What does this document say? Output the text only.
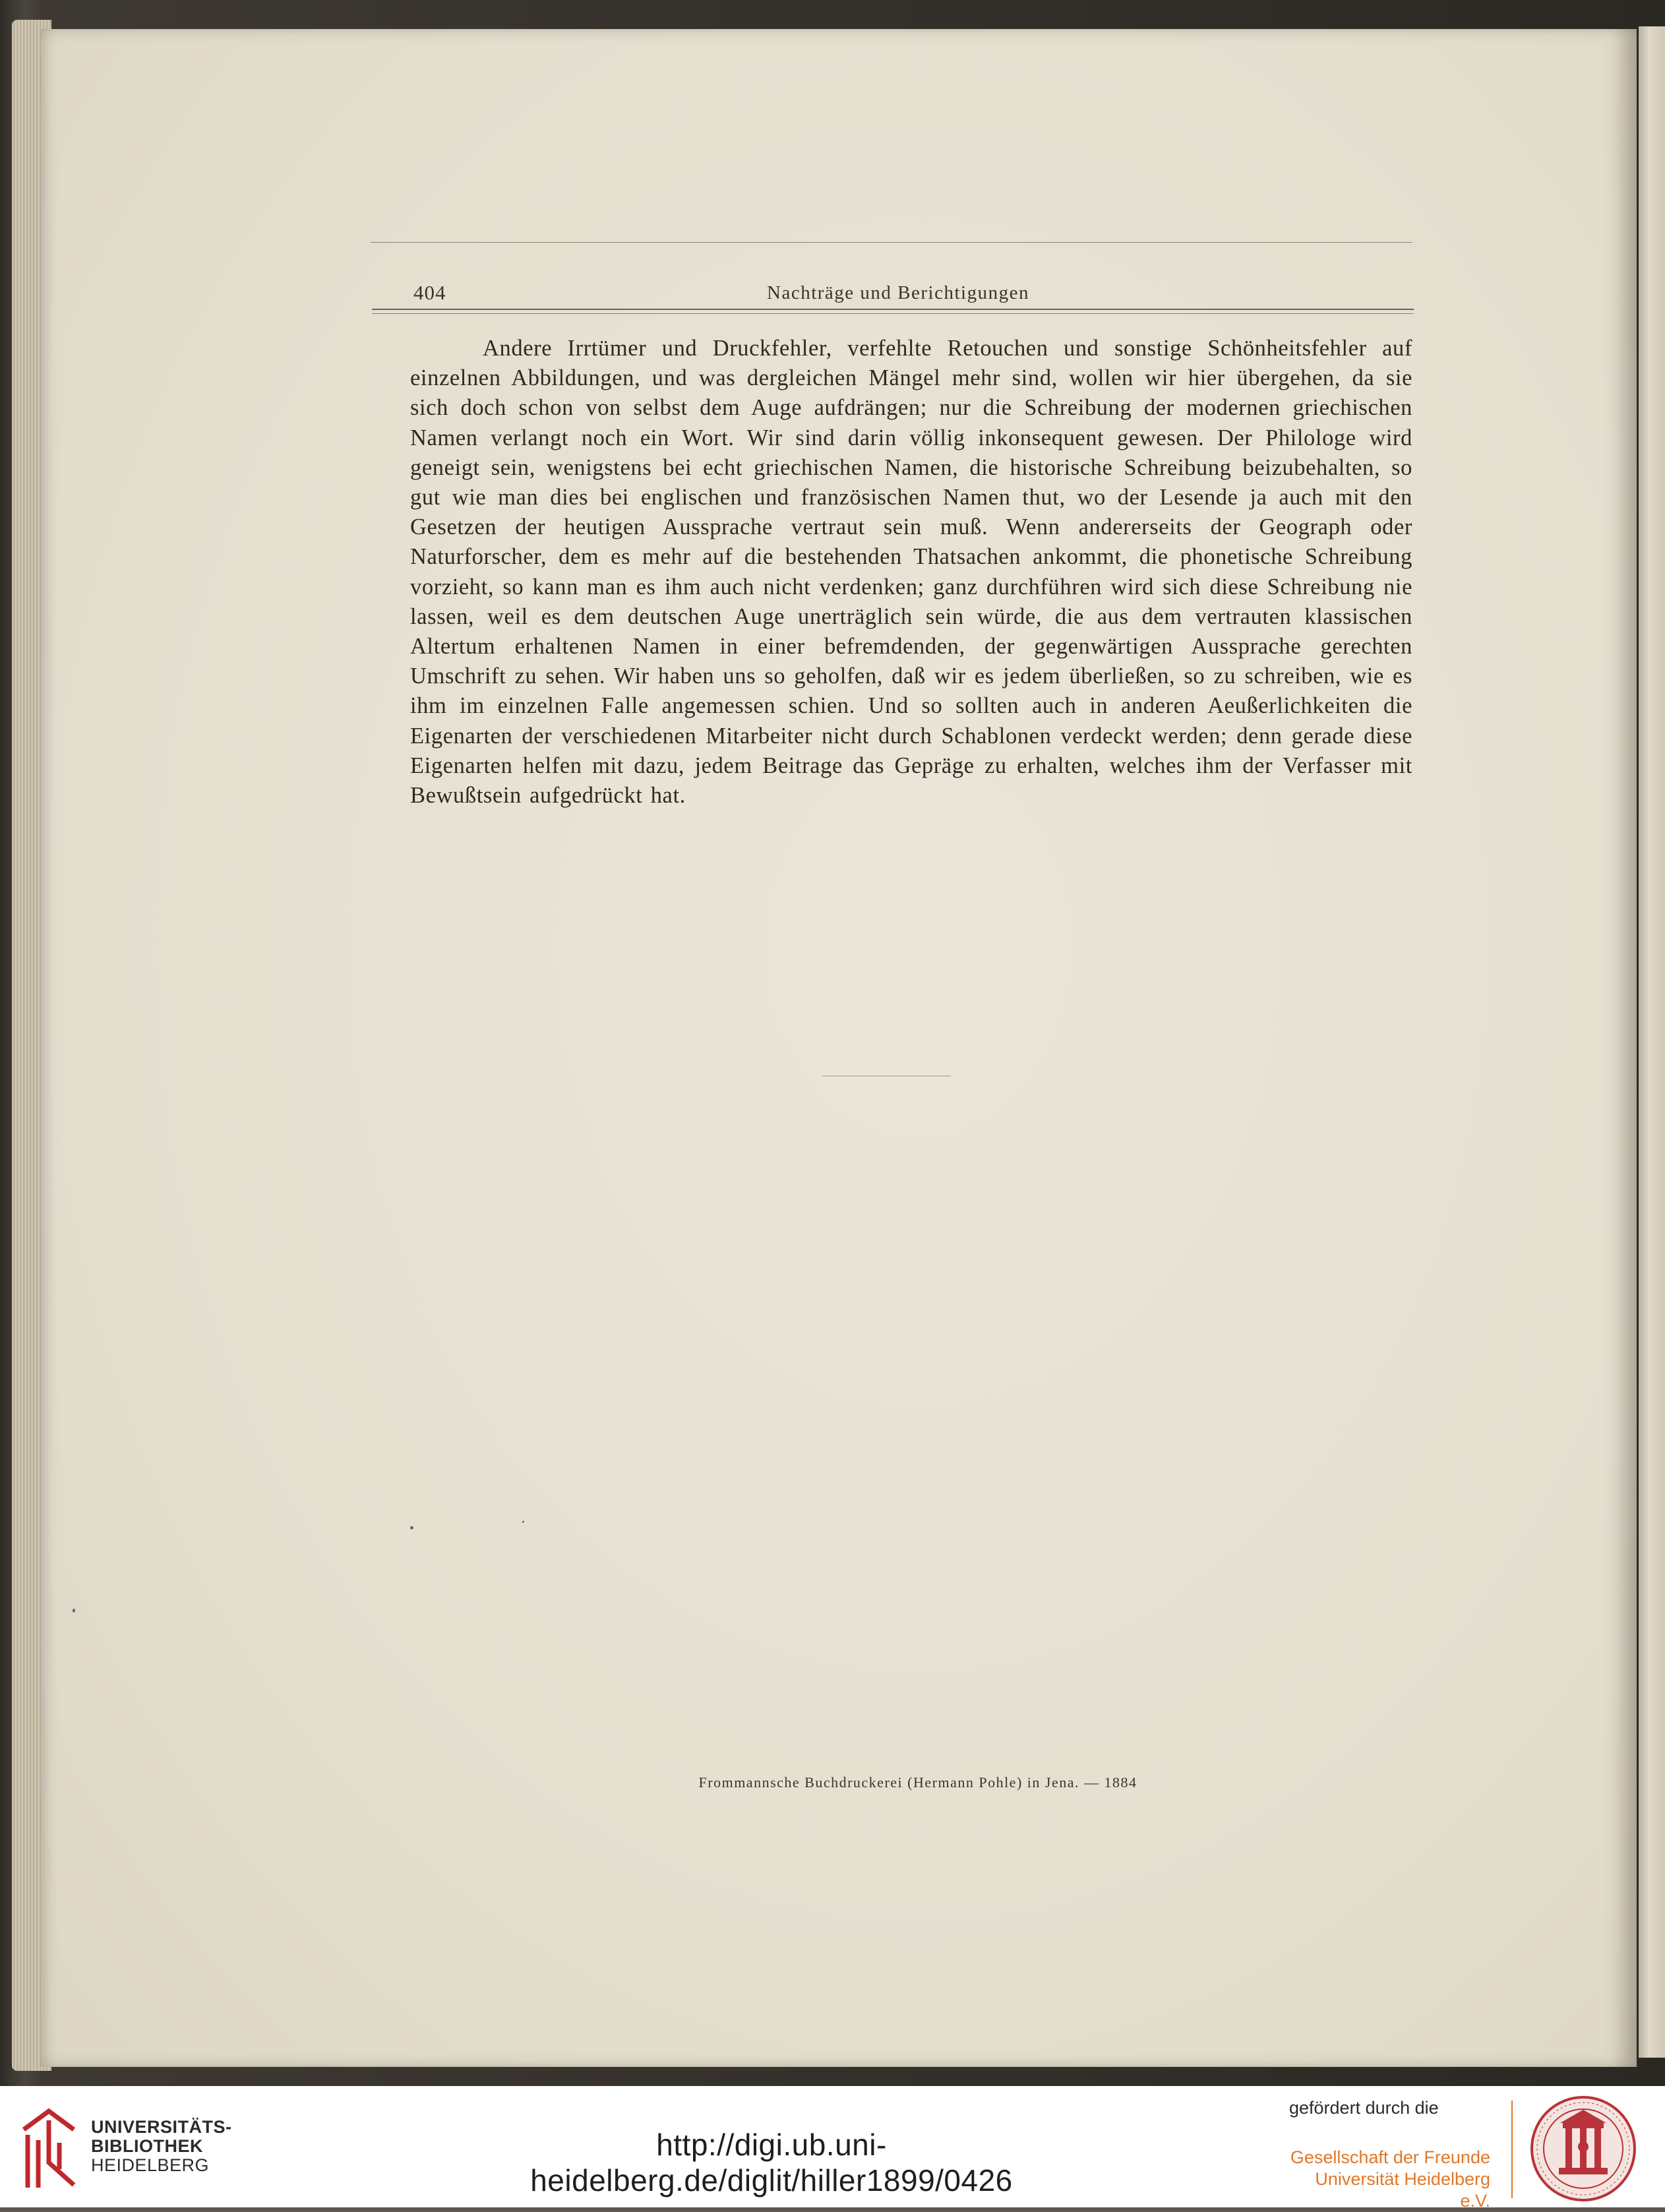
404	Nachträge und Berichtigungen

Andere Irrtümer und Druckfehler, verfehlte Retouchen und sonstige Schönheitsfehler auf einzelnen Abbildungen, und was dergleichen Mängel mehr sind, wollen wir hier übergehen, da sie sich doch schon von selbst dem Auge aufdrängen; nur die Schreibung der modernen griechischen Namen verlangt noch ein Wort. Wir sind darin völlig inkonsequent gewesen. Der Philologe wird geneigt sein, wenigstens bei echt griechischen Namen, die historische Schreibung beizubehalten, so gut wie man dies bei englischen und französischen Namen thut, wo der Lesende ja auch mit den Gesetzen der heutigen Aussprache vertraut sein muß. Wenn andererseits der Geograph oder Naturforscher, dem es mehr auf die bestehenden Thatsachen ankommt, die phonetische Schreibung vorzieht, so kann man es ihm auch nicht verdenken; ganz durchführen wird sich diese Schreibung nie lassen, weil es dem deutschen Auge unerträglich sein würde, die aus dem vertrauten klassischen Altertum erhaltenen Namen in einer befremdenden, der gegenwärtigen Aussprache gerechten Umschrift zu sehen. Wir haben uns so geholfen, daß wir es jedem überließen, so zu schreiben, wie es ihm im einzelnen Falle angemessen schien. Und so sollten auch in anderen Aeußerlichkeiten die Eigenarten der verschiedenen Mitarbeiter nicht durch Schablonen verdeckt werden; denn gerade diese Eigenarten helfen mit dazu, jedem Beitrage das Gepräge zu erhalten, welches ihm der Verfasser mit Bewußtsein aufgedrückt hat.

Frommannsche Buchdruckerei (Hermann Pohle) in Jena. — 1884
UNIVERSITÄTS-
BIBLIOTHEK
HEIDELBERG
http://digi.ub.uni-heidelberg.de/diglit/hiller1899/0426
gefördert durch die
Gesellschaft der Freunde
Universität Heidelberg e.V.
